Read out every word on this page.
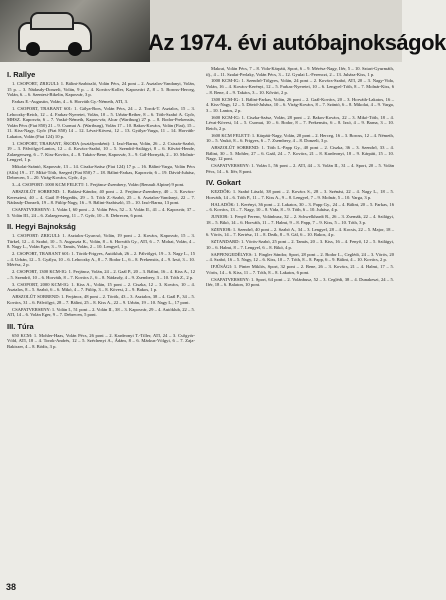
Az 1974. évi autóbajnokságok
I. Rallye

1. CSOPORT, ZRIGULI: 1. Bálint-Szabiszló, Volán Pécs, 24 pont – 2. Asztalos-Vandanyi, Volán, 15 p. – 3. Nádasdy-Donzeli, Volán, 9 p. – 4. Kovács-Koller, Kaposvári Z, 8 – 5. Boross-Herceg, Volán, 6. – 6. Szentesi-Bikelin, Kaposvár, 3 p.

Farkas E.-Augustin, Volán, 4 – 6. Horváth Gy.-Németh, ATI, 3.

1. CSOPORT, TRABANT 601: 1. Gálya-Bors, Volán Pécs, 24 – 2. Torok-T. Asztalos, 15 – 3. Lehoczky-Reich, 12 – 4. Farkas-Nyeretei, Volán, 10 – 5. Urbán-Reiber, 8 – 6. Tóth-Szabó A. Győr, MHSZ. Kaposvár, 6 – 7. Vaskó-Németh, Kapos-vár, Alcar (Wartburg) 27 p. – 8. Bodor-Prekensits, Volán Pécs (Fiat 850) 21 – 9. Csomai A. (Wartburg), Volán 17 – 10. Bakos-Kovács, Volán (Fiat), 15 – 11. Kiss-Nagy, Győr (Fiat 850) 14 – 12. Lévai-Kövesi, 12 – 13. Gyálya-Varga, 11 – 14. Horváth-Lakatos, Volán (Fiat 124) 10 p.

1. CSOPORT, TRABANT, ŠKODA (osztályonként): 1. Izsó-Barna, Volán, 26 – 2. Csiszár-Szabó, 19 – 3. Pálvölgyi-Lantos, 12 – 4. Kovács-Szabó, 10 – 5. Szendrő-Szilágyi, 8 – 6. Kővári-Hende, Zalaegerszeg, 6 – 7. Kiss-Kovács, 4 – 8. Takács-Bene, Kaposvár, 3 – 9. Gál-Hornyák, 2 – 10. Molnár-Lengyel, 1 p.

Mikolai-Szántó, Kaposvár, 13 – 14. Ciszka-Szász (Fiat 124) 17 p. – 16. Bálint-Varga, Volán Pécs (Alfa) 19 – 17. Mikó-Tóth, Szeged (Fiat 850) 7 – 18. Bálint-Farkas, Kaposvár, 6 – 19. Dávid-Juhász, Debrecen, 5 – 20. Virág-Kovács, Győr, 4 p.

3.–4. CSOPORT: 1000 KCM FELETT: 1. Ferjáncz-Zsembery, Volán (Renault Alpine) 9 pont.

ABSZOLÚT SORREND: 1. Balázsi-Kándor, 40 pont – 2. Ferjáncz-Zsembery, 40 – 3. Kovács-Keresztesi, 40 – 4. Gaál P.-Hegedűs, 29 – 5. Tóth Z.-Szabó, 25 – 6. Asztalos-Vandanyi, 22 – 7. Nádasdy-Donzeli, 19 – 8. Fülöp-Nagy, 16 – 9. Bálint-Szabiszló, 15 – 10. Izsó-Barna, 13 pont.

CSAPATVERSENY: 1. Volán I, 60 pont – 2. Volán Pécs, 52 – 3. Volán II., 41 – 4. Kaposvár, 37 – 5. Volán III., 24 – 6. Zalaegerszeg, 11 – 7. Győr, 10 – 8. Debrecen, 6 pont.

II. Hegyi Bajnokság

1. CSOPORT: ZRIGULI: 1. Asztalos-Gyurcsó, Volán, 19 pont – 2. Kovács, Kaposvár, 15 – 3. Türkel, 12 – 4. Szabó, 10 – 5. Auguszta K., Volán, 8 – 6. Horváth Gy., ATI, 6 – 7. Mohai, Volán, 4 – 8. Nagy L., Volán Eger, 3 – 9. Tamás, Volán, 2 – 10. Lengyel, 1 p.

2. CSOPORT, TRABANT 601: 1. Török-Frigyes, Autóklub, 26 – 2. Pálvölgyi, 19 – 3. Nagy L., 15 – 4. Urbán, 12 – 5. Gyálya, 10 – 6. Lehoczky A., 8 – 7. Bodor L., 6 – 8. Prekensits, 4 – 9. Izsó, 3 – 10. Mérész, 2 p.

2. CSOPORT, 1300 KCM-IG: 1. Ferjáncz, Volán, 24 – 2. Gaál P., 20 – 3. Bálint, 16 – 4. Kiss A., 12 – 5. Szendrő, 10 – 6. Horváth, 8 – 7. Kovács J., 6 – 8. Nádasdy, 4 – 9. Zsembery, 3 – 10. Tóth Z., 2 p.

3. CSOPORT, 2000 KCM-IG: 1. Kiss A., Volán, 15 pont – 2. Ciszka, 12 – 3. Kovács, 10 – 4. Asztalos, 8 – 5. Szabó, 6 – 6. Mikó, 4 – 7. Fülöp, 3 – 8. Kövesi, 2 – 9. Bakos, 1 p.

ABSZOLÚT SORREND: 1. Ferjáncz, 48 pont – 2. Török, 43 – 3. Asztalos, 38 – 4. Gaál P., 34 – 5. Kovács, 31 – 6. Pálvölgyi, 28 – 7. Bálint, 25 – 8. Kiss A., 22 – 9. Urbán, 19 – 10. Nagy L., 17 pont.

CSAPATVERSENY: 1. Volán I., 51 pont – 2. Volán II., 38 – 3. Kaposvár, 29 – 4. Autóklub, 22 – 5. ATI, 14 – 6. Volán Eger, 9 – 7. Debrecen, 5 pont.

III. Túra

650 KCM: 1. Mohler-Haas, Volán Pécs, 26 pont – 2. Kardeonyi T.-Tiller, ATI, 24 – 3. Csőgyór-Völd, ATI, 18 – 4. Torok-Andrés, 12 – 5. Széchenyi A., Ádám, 8 – 6. Márkus-Völgyi, 6 – 7. Zaja-Bakiszer, 4 – 8. Bódis, 3 p.

Makrai, Volán Pécs, 7 – 8. Vida-Kárpáti, Sport, 6 – 9. Mérész-Nagy, Ifér, 5 – 10. Sztari-Gyurmáth, ifj., 4 – 11. Szalai-Perlaky, Volán Pécs, 3 – 12. Gyulai L.-Ferenczi, 2 – 13. Juhász-Kiss, 1 p.

1000 KCM-IG: 1. Szendrő-Tölgyes, Volán, 24 pont – 2. Kovács-Szabó, ATI, 20 – 3. Nagy-Vida, Volán, 16 – 4. Kovács-Kerényi, 12 – 5. Farkas-Nyeretei, 10 – 6. Lengyel-Tóth, 8 – 7. Molnár-Kiss, 6 – 8. Bene, 4 – 9. Takács, 3 – 10. Kővári, 2 p.

1300 KCM-IG: 1. Bálint-Farkas, Volán, 26 pont – 2. Gaál-Kovács, 20 – 3. Horváth-Lakatos, 16 – 4. Kiss-Nagy, 12 – 5. Dávid-Juhász, 10 – 6. Virág-Kovács, 8 – 7. Szántó, 6 – 8. Mikolai, 4 – 9. Varga, 3 – 10. Lantos, 2 p.

1600 KCM-IG: 1. Ciszka-Szász, Volán, 28 pont – 2. Bakos-Kovács, 22 – 3. Mikó-Tóth, 18 – 4. Lévai-Kövesi, 14 – 5. Csomai, 10 – 6. Bodor, 8 – 7. Prekensits, 6 – 8. Izsó, 4 – 9. Barna, 3 – 10. Reich, 2 p.

1600 KCM FELETT: 1. Kárpáti-Nagy, Volán, 20 pont – 2. Herceg, 16 – 3. Boross, 12 – 4. Németh, 10 – 5. Vaskó, 8 – 6. Frigyes, 6 – 7. Zsembery, 4 – 8. Donzeli, 3 p.

ABSZOLÚT SORREND: 1. Tóth L.-Papp Gy., 40 pont – 2. Ciszka, 36 – 3. Szendrő, 33 – 4. Bálint, 30 – 5. Mohler, 27 – 6. Gaál, 24 – 7. Kovács, 21 – 8. Kardeonyi, 18 – 9. Kárpáti, 15 – 10. Nagy, 12 pont.

CSAPATVERSENY: 1. Volán I., 56 pont – 2. ATI, 44 – 3. Volán II., 31 – 4. Sport, 20 – 5. Volán Pécs, 14 – 6. Ifér, 8 pont.

IV. Gokart

KEZDŐK: 1. Szabó László, 38 pont – 2. Kovács S., 28 – 3. Szénási, 22 – 4. Nagy L., 18 – 5. Horváth, 14 – 6. Tóth P., 11 – 7. Kiss A., 9 – 8. Lengyel, 7 – 9. Molnár, 5 – 10. Varga, 3 p.

HALADÓK: 1. Kerényi, 36 pont – 2. Lakatos, 30 – 3. Papp Gy., 24 – 4. Bálint, 20 – 5. Farkas, 16 – 6. Kovács, 13 – 7. Nagy, 10 – 8. Vida, 8 – 9. Tóth, 6 – 10. Juhász, 4 p.

JUNIOR: 1. Fenyő Ferenc, Volánbusz, 32 – 2. Schwelkhardt R., 26 – 3. Zsemák, 22 – 4. Szilágyi, 18 – 5. Bikó, 14 – 6. Horváth, 11 – 7. Halmi, 9 – 8. Papp, 7 – 9. Kiss, 5 – 10. Tóth, 3 p.

SZENIOR: 1. Szendrő, 40 pont – 2. Szabó A., 34 – 3. Lengyel, 28 – 4. Kocsis, 22 – 5. Major, 18 – 6. Vörös, 14 – 7. Kertész, 11 – 8. Deák, 8 – 9. Gál, 6 – 10. Bakos, 4 p.

SZTANDARD: 1. Vörös-Szabó, 25 pont – 2. Tamás, 20 – 3. Kiss, 16 – 4. Fenyő, 12 – 5. Szilágyi, 10 – 6. Halmi, 8 – 7. Lengyel, 6 – 8. Bikó, 4 p.

SAPPENGEDÉLYES: 1. Fingler Sándor, Sport, 28 pont – 2. Bodor L., Ceglédi, 24 – 3. Vörös, 20 – 4. Szabó, 16 – 5. Nagy, 12 – 6. Kiss, 10 – 7. Tóth, 8 – 8. Papp, 6 – 9. Bálint, 4 – 10. Kovács, 2 p.

IFJÚSÁGI: 1. Pinter Miklós, Sport, 32 pont – 2. Bene, 26 – 3. Kovács, 21 – 4. Halmi, 17 – 5. Vörös, 14 – 6. Kiss, 11 – 7. Tóth, 8 – 8. Lakatos, 6 pont.

CSAPATVERSENY: 1. Sport, 64 pont – 2. Volánbusz, 52 – 3. Ceglédi, 38 – 4. Dunakeszi, 24 – 5. Ifér, 18 – 6. Balaton, 10 pont.

38
